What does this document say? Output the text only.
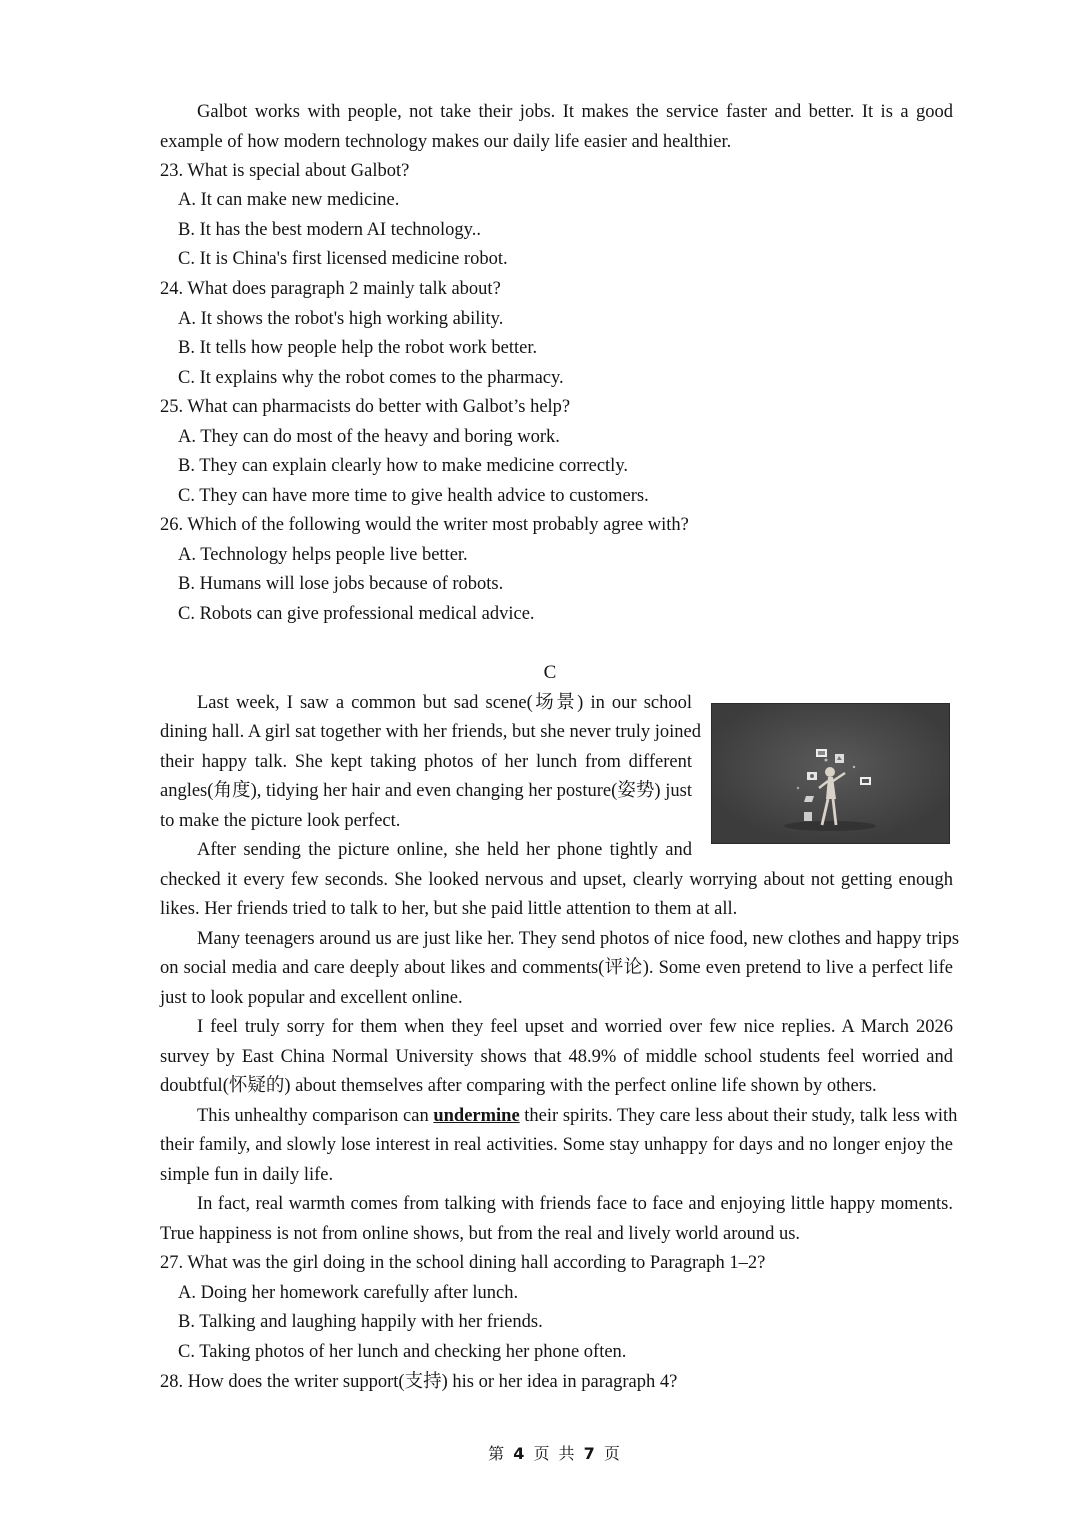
Galbot works with people, not take their jobs. It makes the service faster and better. It is a good
example of how modern technology makes our daily life easier and healthier.
23. What is special about Galbot?
A. It can make new medicine.
B. It has the best modern AI technology..
C. It is China's first licensed medicine robot.
24. What does paragraph 2 mainly talk about?
A. It shows the robot's high working ability.
B. It tells how people help the robot work better.
C. It explains why the robot comes to the pharmacy.
25. What can pharmacists do better with Galbot’s help?
A. They can do most of the heavy and boring work.
B. They can explain clearly how to make medicine correctly.
C. They can have more time to give health advice to customers.
26. Which of the following would the writer most probably agree with?
A. Technology helps people live better.
B. Humans will lose jobs because of robots.
C. Robots can give professional medical advice.
C
Last week, I saw a common but sad scene(场景) in our school
dining hall. A girl sat together with her friends, but she never truly joined
their happy talk. She kept taking photos of her lunch from different
angles(角度), tidying her hair and even changing her posture(姿势) just
to make the picture look perfect.
After sending the picture online, she held her phone tightly and
checked it every few seconds. She looked nervous and upset, clearly worrying about not getting enough
likes. Her friends tried to talk to her, but she paid little attention to them at all.
Many teenagers around us are just like her. They send photos of nice food, new clothes and happy trips
on social media and care deeply about likes and comments(评论). Some even pretend to live a perfect life
just to look popular and excellent online.
I feel truly sorry for them when they feel upset and worried over few nice replies. A March 2026
survey by East China Normal University shows that 48.9% of middle school students feel worried and
doubtful(怀疑的) about themselves after comparing with the perfect online life shown by others.
This unhealthy comparison can undermine their spirits. They care less about their study, talk less with
their family, and slowly lose interest in real activities. Some stay unhappy for days and no longer enjoy the
simple fun in daily life.
In fact, real warmth comes from talking with friends face to face and enjoying little happy moments.
True happiness is not from online shows, but from the real and lively world around us.
27. What was the girl doing in the school dining hall according to Paragraph 1–2?
A. Doing her homework carefully after lunch.
B. Talking and laughing happily with her friends.
C. Taking photos of her lunch and checking her phone often.
28. How does the writer support(支持) his or her idea in paragraph 4?
第 4 页 共 7 页
